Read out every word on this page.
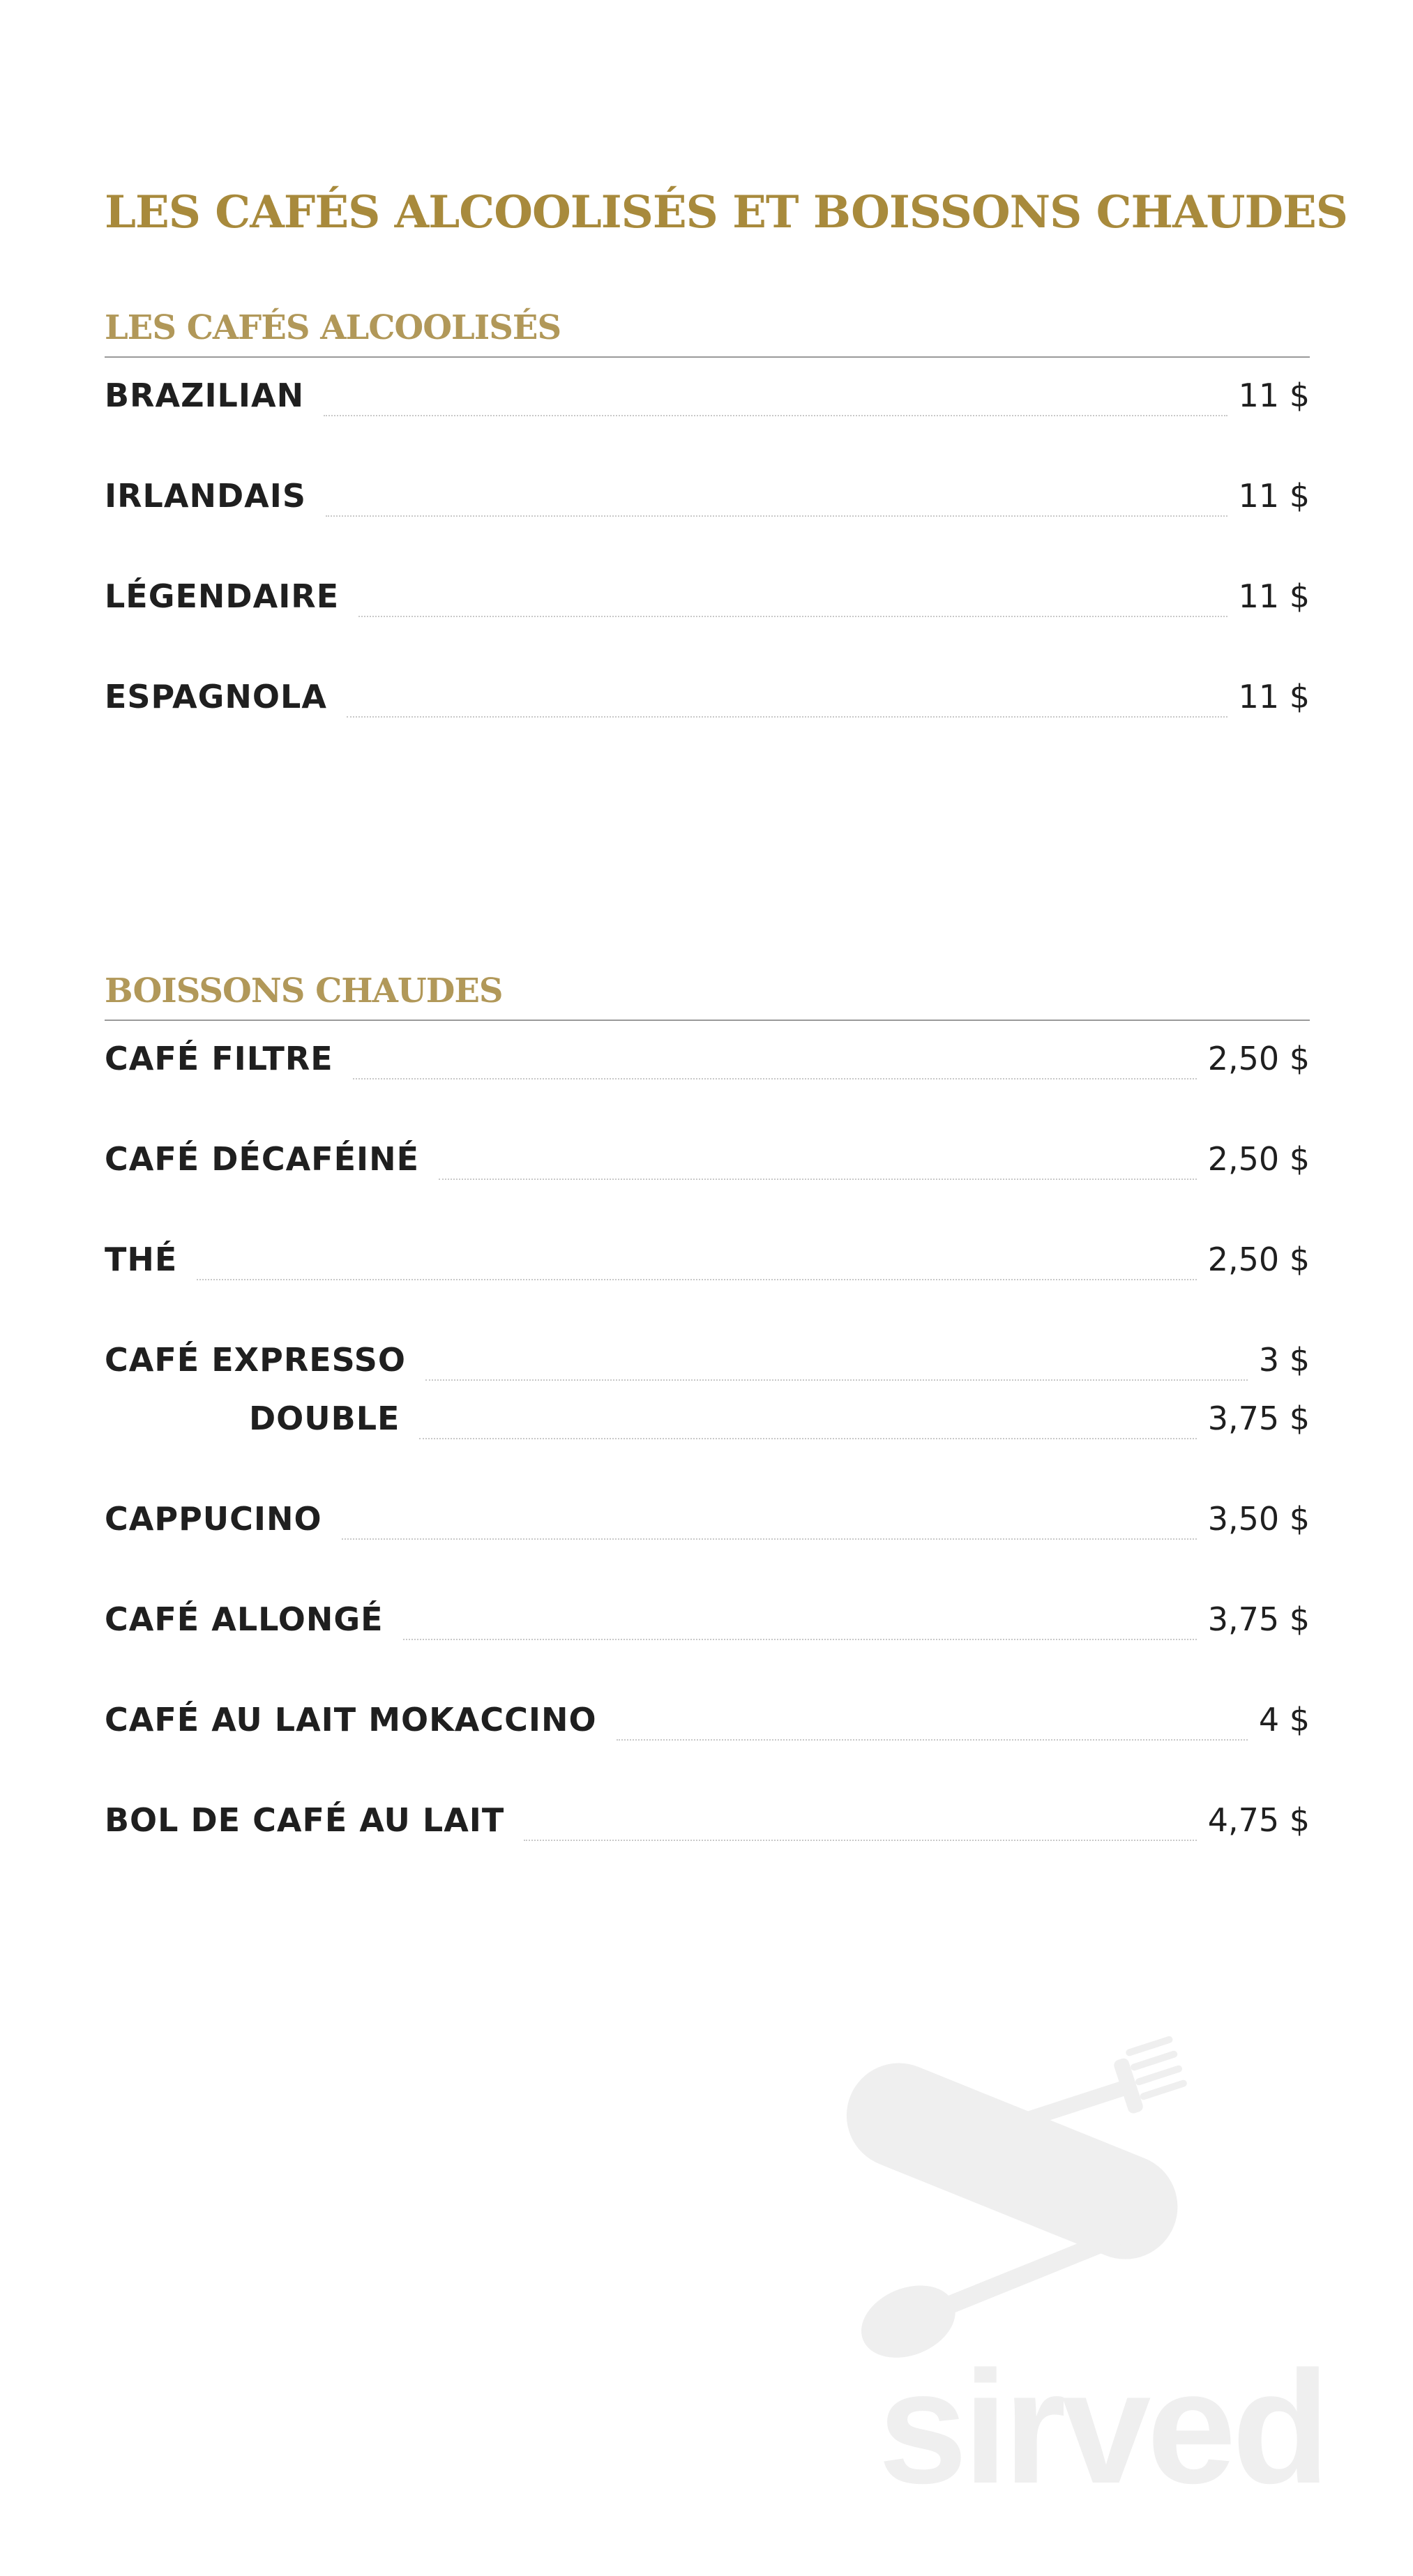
LES CAFÉS ALCOOLISÉS ET BOISSONS CHAUDES
LES CAFÉS ALCOOLISÉS
BRAZILIAN	11 $
IRLANDAIS	11 $
LÉGENDAIRE	11 $
ESPAGNOLA	11 $
BOISSONS CHAUDES
CAFÉ FILTRE	2,50 $
CAFÉ DÉCAFÉINÉ	2,50 $
THÉ	2,50 $
CAFÉ EXPRESSO	3 $
DOUBLE	3,75 $
CAPPUCINO	3,50 $
CAFÉ ALLONGÉ	3,75 $
CAFÉ AU LAIT MOKACCINO	4 $
BOL DE CAFÉ AU LAIT	4,75 $
sirved
